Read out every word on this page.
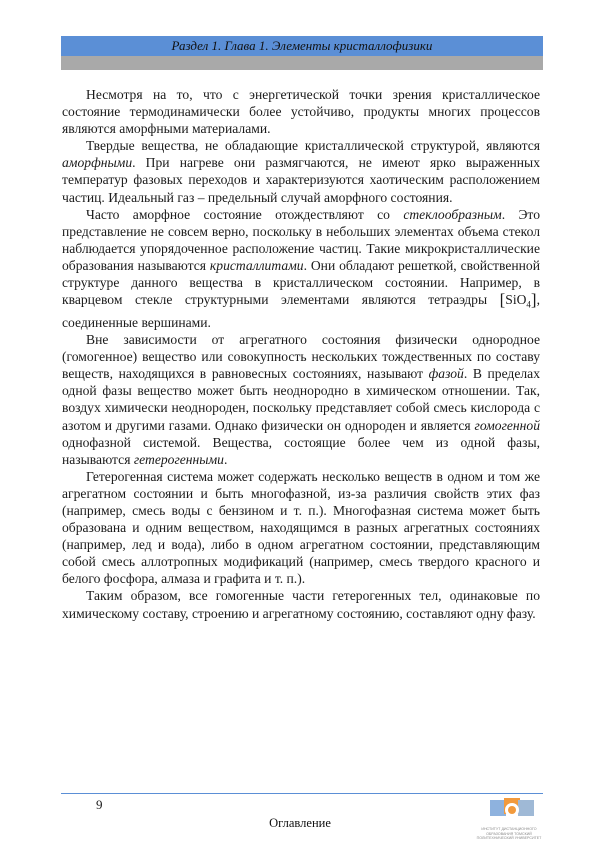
Раздел 1. Глава 1. Элементы кристаллофизики

Несмотря на то, что с энергетической точки зрения кристаллическое состояние термодинамически более устойчиво, продукты многих процессов являются аморфными материалами.

Твердые вещества, не обладающие кристаллической структурой, являются аморфными. При нагреве они размягчаются, не имеют ярко выраженных температур фазовых переходов и характеризуются хаотическим расположением частиц. Идеальный газ – предельный случай аморфного состояния.

Часто аморфное состояние отождествляют со стеклообразным. Это представление не совсем верно, поскольку в небольших элементах объема стекол наблюдается упорядоченное расположение частиц. Такие микрокристаллические образования называются кристаллитами. Они обладают решеткой, свойственной структуре данного вещества в кристаллическом состоянии. Например, в кварцевом стекле структурными элементами являются тетраэдры [SiO$_4$], соединенные вершинами.

Вне зависимости от агрегатного состояния физически однородное (гомогенное) вещество или совокупность нескольких тождественных по составу веществ, находящихся в равновесных состояниях, называют фазой. В пределах одной фазы вещество может быть неоднородно в химическом отношении. Так, воздух химически неоднороден, поскольку представляет собой смесь кислорода с азотом и другими газами. Однако физически он однороден и является гомогенной однофазной системой. Вещества, состоящие более чем из одной фазы, называются гетерогенными.

Гетерогенная система может содержать несколько веществ в одном и том же агрегатном состоянии и быть многофазной, из-за различия свойств этих фаз (например, смесь воды с бензином и т. п.). Многофазная система может быть образована и одним веществом, находящимся в разных агрегатных состояниях (например, лед и вода), либо в одном агрегатном состоянии, представляющим собой смесь аллотропных модификаций (например, смесь твердого красного и белого фосфора, алмаза и графита и т. п.).

Таким образом, все гомогенные части гетерогенных тел, одинаковые по химическому составу, строению и агрегатному состоянию, составляют одну фазу.

9
Оглавление	ИНСТИТУТ ДИСТАНЦИОННОГО ОБРАЗОВАНИЯ ТОМСКИЙ ПОЛИТЕХНИЧЕСКИЙ УНИВЕРСИТЕТ
